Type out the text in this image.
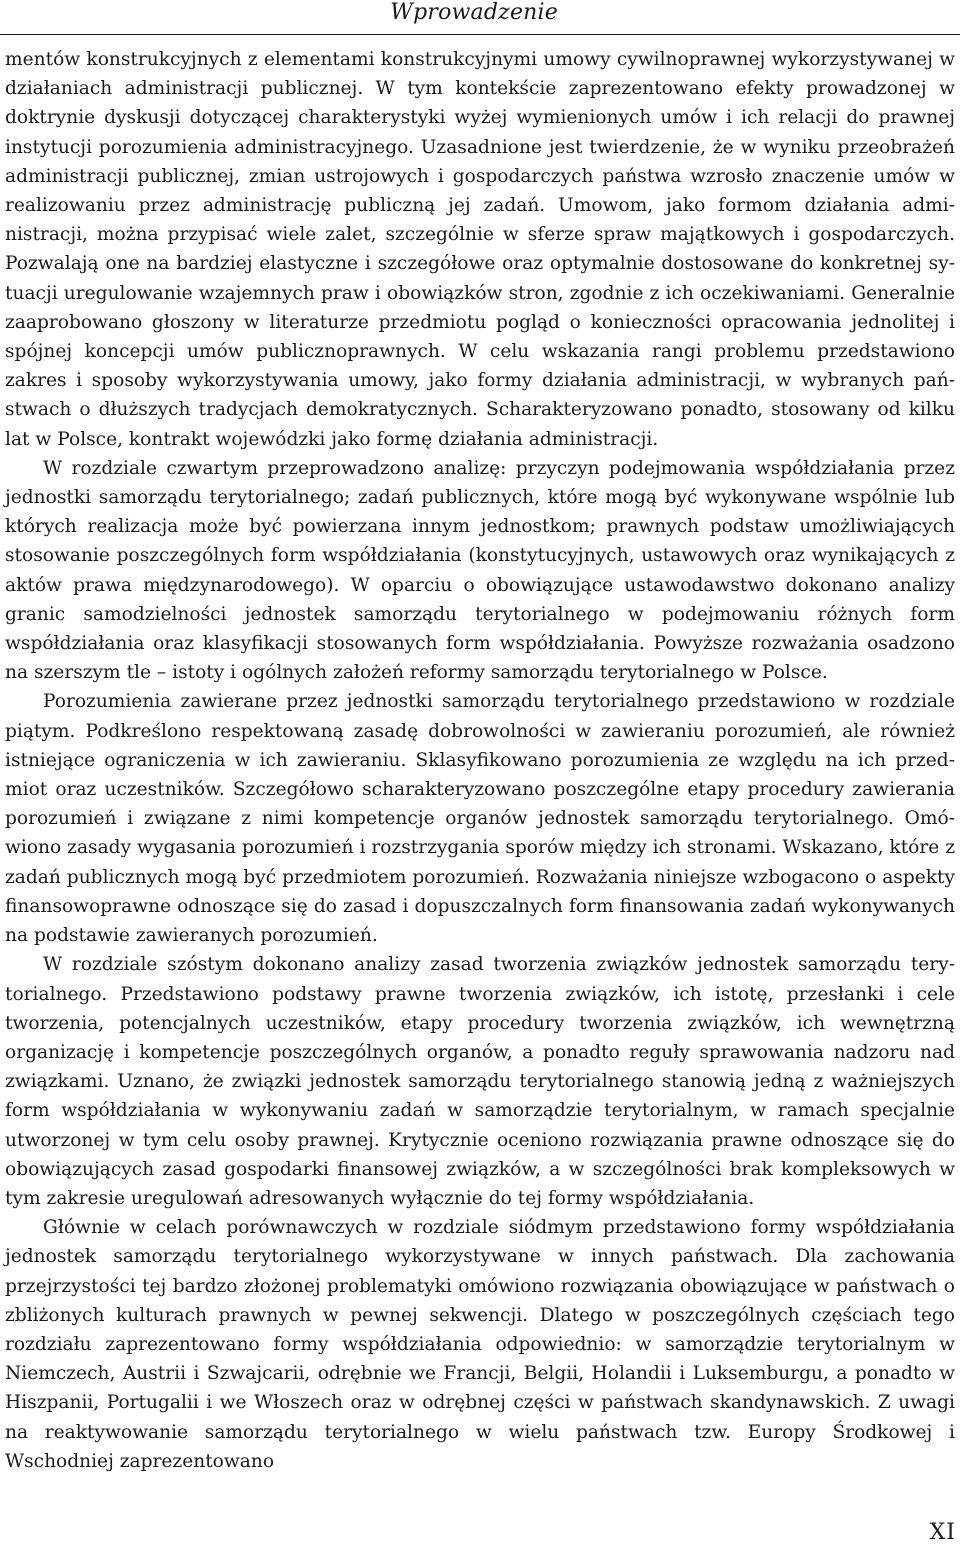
Wprowadzenie

mentów konstrukcyjnych z elementami konstrukcyjnymi umowy cywilnoprawnej wykorzystywanej w działaniach administracji publicznej. W tym kontekście zaprezentowano efekty prowadzonej w doktrynie dyskusji dotyczącej charakterystyki wyżej wymienionych umów i ich relacji do prawnej instytucji porozumienia administracyjnego. Uzasadnione jest twierdzenie, że w wyniku przeobrażeń administracji publicznej, zmian ustrojowych i gospodarczych państwa wzrosło znaczenie umów w realizowaniu przez administrację publiczną jej zadań. Umowom, jako formom działania administracji, można przypisać wiele zalet, szczególnie w sferze spraw majątkowych i gospodarczych. Pozwalają one na bardziej elastyczne i szczegółowe oraz optymalnie dostosowane do konkretnej sytuacji uregulowanie wzajemnych praw i obowiązków stron, zgodnie z ich oczekiwaniami. Generalnie zaaprobowano głoszony w literaturze przedmiotu pogląd o konieczności opracowania jednolitej i spójnej koncepcji umów publicznoprawnych. W celu wskazania rangi problemu przedstawiono zakres i sposoby wykorzystywania umowy, jako formy działania administracji, w wybranych państwach o dłuższych tradycjach demokratycznych. Scharakteryzowano ponadto, stosowany od kilku lat w Polsce, kontrakt wojewódzki jako formę działania administracji.

W rozdziale czwartym przeprowadzono analizę: przyczyn podejmowania współdziałania przez jednostki samorządu terytorialnego; zadań publicznych, które mogą być wykonywane wspólnie lub których realizacja może być powierzana innym jednostkom; prawnych podstaw umożliwiających stosowanie poszczególnych form współdziałania (konstytucyjnych, ustawowych oraz wynikających z aktów prawa międzynarodowego). W oparciu o obowiązujące ustawodawstwo dokonano analizy granic samodzielności jednostek samorządu terytorialnego w podejmowaniu różnych form współdziałania oraz klasyfikacji stosowanych form współdziałania. Powyższe rozważania osadzono na szerszym tle – istoty i ogólnych założeń reformy samorządu terytorialnego w Polsce.

Porozumienia zawierane przez jednostki samorządu terytorialnego przedstawiono w rozdziale piątym. Podkreślono respektowaną zasadę dobrowolności w zawieraniu porozumień, ale również istniejące ograniczenia w ich zawieraniu. Sklasyfikowano porozumienia ze względu na ich przedmiot oraz uczestników. Szczegółowo scharakteryzowano poszczególne etapy procedury zawierania porozumień i związane z nimi kompetencje organów jednostek samorządu terytorialnego. Omówiono zasady wygasania porozumień i rozstrzygania sporów między ich stronami. Wskazano, które z zadań publicznych mogą być przedmiotem porozumień. Rozważania niniejsze wzbogacono o aspekty finansowoprawne odnoszące się do zasad i dopuszczalnych form finansowania zadań wykonywanych na podstawie zawieranych porozumień.

W rozdziale szóstym dokonano analizy zasad tworzenia związków jednostek samorządu terytorialnego. Przedstawiono podstawy prawne tworzenia związków, ich istotę, przesłanki i cele tworzenia, potencjalnych uczestników, etapy procedury tworzenia związków, ich wewnętrzną organizację i kompetencje poszczególnych organów, a ponadto reguły sprawowania nadzoru nad związkami. Uznano, że związki jednostek samorządu terytorialnego stanowią jedną z ważniejszych form współdziałania w wykonywaniu zadań w samorządzie terytorialnym, w ramach specjalnie utworzonej w tym celu osoby prawnej. Krytycznie oceniono rozwiązania prawne odnoszące się do obowiązujących zasad gospodarki finansowej związków, a w szczególności brak kompleksowych w tym zakresie uregulowań adresowanych wyłącznie do tej formy współdziałania.

Głównie w celach porównawczych w rozdziale siódmym przedstawiono formy współdziałania jednostek samorządu terytorialnego wykorzystywane w innych państwach. Dla zachowania przejrzystości tej bardzo złożonej problematyki omówiono rozwiązania obowiązujące w państwach o zbliżonych kulturach prawnych w pewnej sekwencji. Dlatego w poszczególnych częściach tego rozdziału zaprezentowano formy współdziałania odpowiednio: w samorządzie terytorialnym w Niemczech, Austrii i Szwajcarii, odrębnie we Francji, Belgii, Holandii i Luksemburgu, a ponadto w Hiszpanii, Portugalii i we Włoszech oraz w odrębnej części w państwach skandynawskich. Z uwagi na reaktywowanie samorządu terytorialnego w wielu państwach tzw. Europy Środkowej i Wschodniej zaprezentowano

XI
